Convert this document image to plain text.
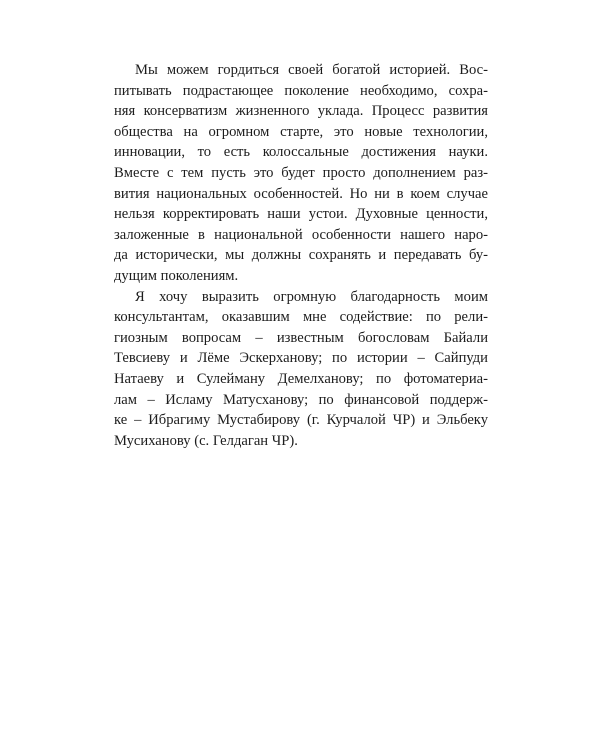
Мы можем гордиться своей богатой историей. Вос-
питывать подрастающее поколение необходимо, сохра-
няя консерватизм жизненного уклада. Процесс развития
общества на огромном старте, это новые технологии,
инновации, то есть колоссальные достижения науки.
Вместе с тем пусть это будет просто дополнением раз-
вития национальных особенностей. Но ни в коем случае
нельзя корректировать наши устои. Духовные ценности,
заложенные в национальной особенности нашего наро-
да исторически, мы должны сохранять и передавать бу-
дущим поколениям.
Я хочу выразить огромную благодарность моим
консультантам, оказавшим мне содействие: по рели-
гиозным вопросам – известным богословам Байали
Тевсиеву и Лёме Эскерханову; по истории – Сайпуди
Натаеву и Сулейману Демелханову; по фотоматериа-
лам – Исламу Матусханову; по финансовой поддерж-
ке – Ибрагиму Мустабирову (г. Курчалой ЧР) и Эльбеку
Мусиханову (с. Гелдаган ЧР).
